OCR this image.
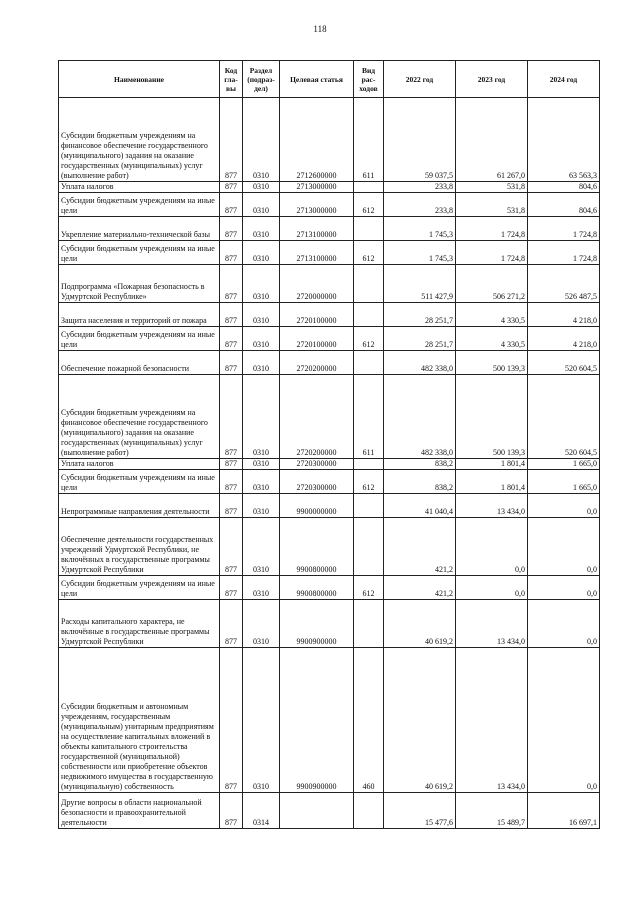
118
Наименование	Код гла-вы	Раздел (подраз-дел)	Целевая статья	Вид рас-ходов	2022 год	2023 год	2024 год
Субсидии бюджетным учреждениям на финансовое обеспечение государственного (муниципального) задания на оказание государственных (муниципальных) услуг (выполнение работ)	877	0310	2712600000	611	59 037,5	61 267,0	63 563,3
Уплата налогов	877	0310	2713000000		233,8	531,8	804,6
Субсидии бюджетным учреждениям на иные цели	877	0310	2713000000	612	233,8	531,8	804,6
Укрепление материально-технической базы	877	0310	2713100000		1 745,3	1 724,8	1 724,8
Субсидии бюджетным учреждениям на иные цели	877	0310	2713100000	612	1 745,3	1 724,8	1 724,8
Подпрограмма «Пожарная безопасность в Удмуртской Республике»	877	0310	2720000000		511 427,9	506 271,2	526 487,5
Защита населения и территорий от пожара	877	0310	2720100000		28 251,7	4 330,5	4 218,0
Субсидии бюджетным учреждениям на иные цели	877	0310	2720100000	612	28 251,7	4 330,5	4 218,0
Обеспечение пожарной безопасности	877	0310	2720200000		482 338,0	500 139,3	520 604,5
Субсидии бюджетным учреждениям на финансовое обеспечение государственного (муниципального) задания на оказание государственных (муниципальных) услуг (выполнение работ)	877	0310	2720200000	611	482 338,0	500 139,3	520 604,5
Уплата налогов	877	0310	2720300000		838,2	1 801,4	1 665,0
Субсидии бюджетным учреждениям на иные цели	877	0310	2720300000	612	838,2	1 801,4	1 665,0
Непрограммные направления деятельности	877	0310	9900000000		41 040,4	13 434,0	0,0
Обеспечение деятельности государственных учреждений Удмуртской Республики, не включённых в государственные программы Удмуртской Республики	877	0310	9900800000		421,2	0,0	0,0
Субсидии бюджетным учреждениям на иные цели	877	0310	9900800000	612	421,2	0,0	0,0
Расходы капитального характера, не включённые в государственные программы Удмуртской Республики	877	0310	9900900000		40 619,2	13 434,0	0,0
Субсидии бюджетным и автономным учреждениям, государственным (муниципальным) унитарным предприятиям на осуществление капитальных вложений в объекты капитального строительства государственной (муниципальной) собственности или приобретение объектов недвижимого имущества в государственную (муниципальную) собственность	877	0310	9900900000	460	40 619,2	13 434,0	0,0
Другие вопросы в области национальной безопасности и правоохранительной деятельности	877	0314			15 477,6	15 489,7	16 697,1
